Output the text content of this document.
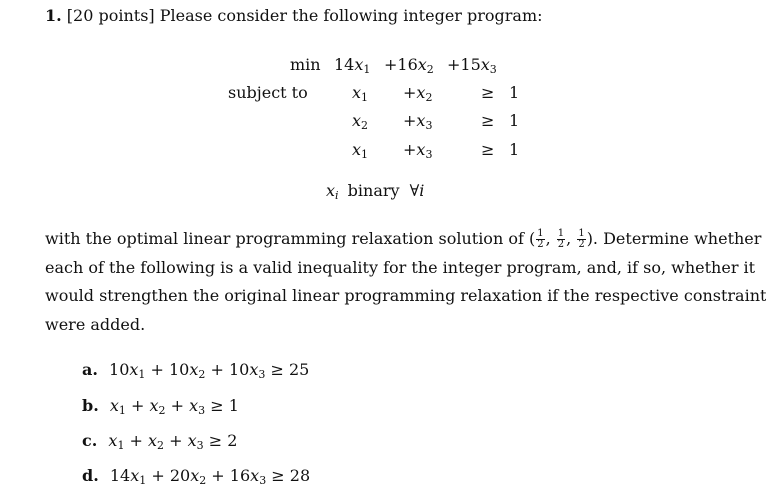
1. [20 points] Please consider the following integer program:
$\min 14x_1 +16x_2 +15x_3$
subject to	$x_1 +x_2$	≥ 1
$x_2 +x_3$	≥ 1
$x_1 +x_3$	≥ 1
$x_i$ binary ∀i
with the optimal linear programming relaxation solution of ( $\frac{1}{2}$ , $\frac{1}{2}$ , $\frac{1}{2}$ ). Determine whether
each of the following is a valid inequality for the integer program, and, if so, whether it
would strengthen the original linear programming relaxation if the respective constraint
were added.
a. $10x_1 + 10x_2 + 10x_3 \ge 25$
b. $x_1 + x_2 + x_3 \ge 1$
c. $x_1 + x_2 + x_3 \ge 2$
d. $14x_1 + 20x_2 + 16x_3 \ge 28$
